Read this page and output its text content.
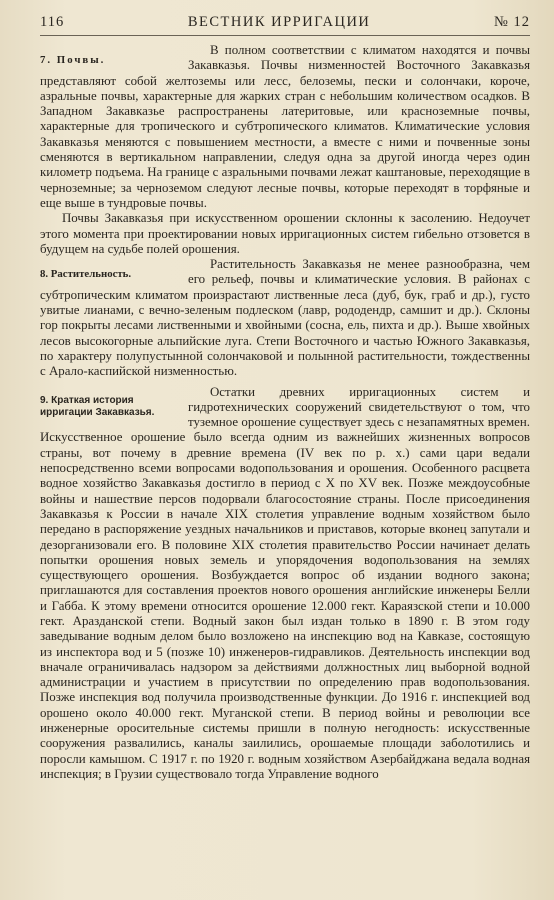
116	ВЕСТНИК ИРРИГАЦИИ	№ 12
7. Почвы.

В полном соответствии с климатом находятся и почвы Закавказья. Почвы низменностей Восточного Закавказья представляют собой желтоземы или лесс, белоземы, пески и солончаки, короче, азральные почвы, характерные для жарких стран с небольшим количеством осадков. В Западном Закавказье распространены латеритовые, или красноземные почвы, характерные для тропического и субтропического климатов. Климатические условия Закавказья меняются с повышением местности, а вместе с ними и почвенные зоны сменяются в вертикальном направлении, следуя одна за другой иногда через один километр подъема. На границе с азральными почвами лежат каштановые, переходящие в черноземные; за черноземом следуют лесные почвы, которые переходят в торфяные и еще выше в тундровые почвы.

Почвы Закавказья при искусственном орошении склонны к засолению. Недоучет этого момента при проектировании новых ирригационных систем гибельно отзовется в будущем на судьбе полей орошения.

8. Растительность.

Растительность Закавказья не менее разнообразна, чем его рельеф, почвы и климатические условия. В районах с субтропическим климатом произрастают лиственные леса (дуб, бук, граб и др.), густо увитые лианами, с вечно-зеленым подлеском (лавр, рододендр, самшит и др.). Склоны гор покрыты лесами лиственными и хвойными (сосна, ель, пихта и др.). Выше хвойных лесов высокогорные альпийские луга. Степи Восточного и частью Южного Закавказья, по характеру полупустынной солончаковой и полынной растительности, тождественны с Арало-каспийской низменностью.

9. Краткая история ирригации Закавказья.

Остатки древних ирригационных систем и гидротехнических сооружений свидетельствуют о том, что туземное орошение существует здесь с незапамятных времен. Искусственное орошение было всегда одним из важнейших жизненных вопросов страны, вот почему в древние времена (IV век по р. х.) сами цари ведали непосредственно всеми вопросами водопользования и орошения. Особенного расцвета водное хозяйство Закавказья достигло в период с X по XV век. Позже междоусобные войны и нашествие персов подорвали благосостояние страны. После присоединения Закавказья к России в начале XIX столетия управление водным хозяйством было передано в распоряжение уездных начальников и приставов, которые вконец запутали и дезорганизовали его. В половине XIX столетия правительство России начинает делать попытки орошения новых земель и упорядочения водопользования на землях существующего орошения. Возбуждается вопрос об издании водного закона; приглашаются для составления проектов нового орошения английские инженеры Белли и Габба. К этому времени относится орошение 12.000 гект. Караязской степи и 10.000 гект. Аразданской степи. Водный закон был издан только в 1890 г. В этом году заведывание водным делом было возложено на инспекцию вод на Кавказе, состоящую из инспектора вод и 5 (позже 10) инженеров-гидравликов. Деятельность инспекции вод вначале ограничивалась надзором за действиями должностных лиц выборной водной администрации и участием в присутствии по определению прав водопользования. Позже инспекция вод получила производственные функции. До 1916 г. инспекцией вод орошено около 40.000 гект. Муганской степи. В период войны и революции все инженерные оросительные системы пришли в полную негодность: искусственные сооружения развалились, каналы заилились, орошаемые площади заболотились и поросли камышом. С 1917 г. по 1920 г. водным хозяйством Азербайджана ведала водная инспекция; в Грузии существовало тогда Управление водного
